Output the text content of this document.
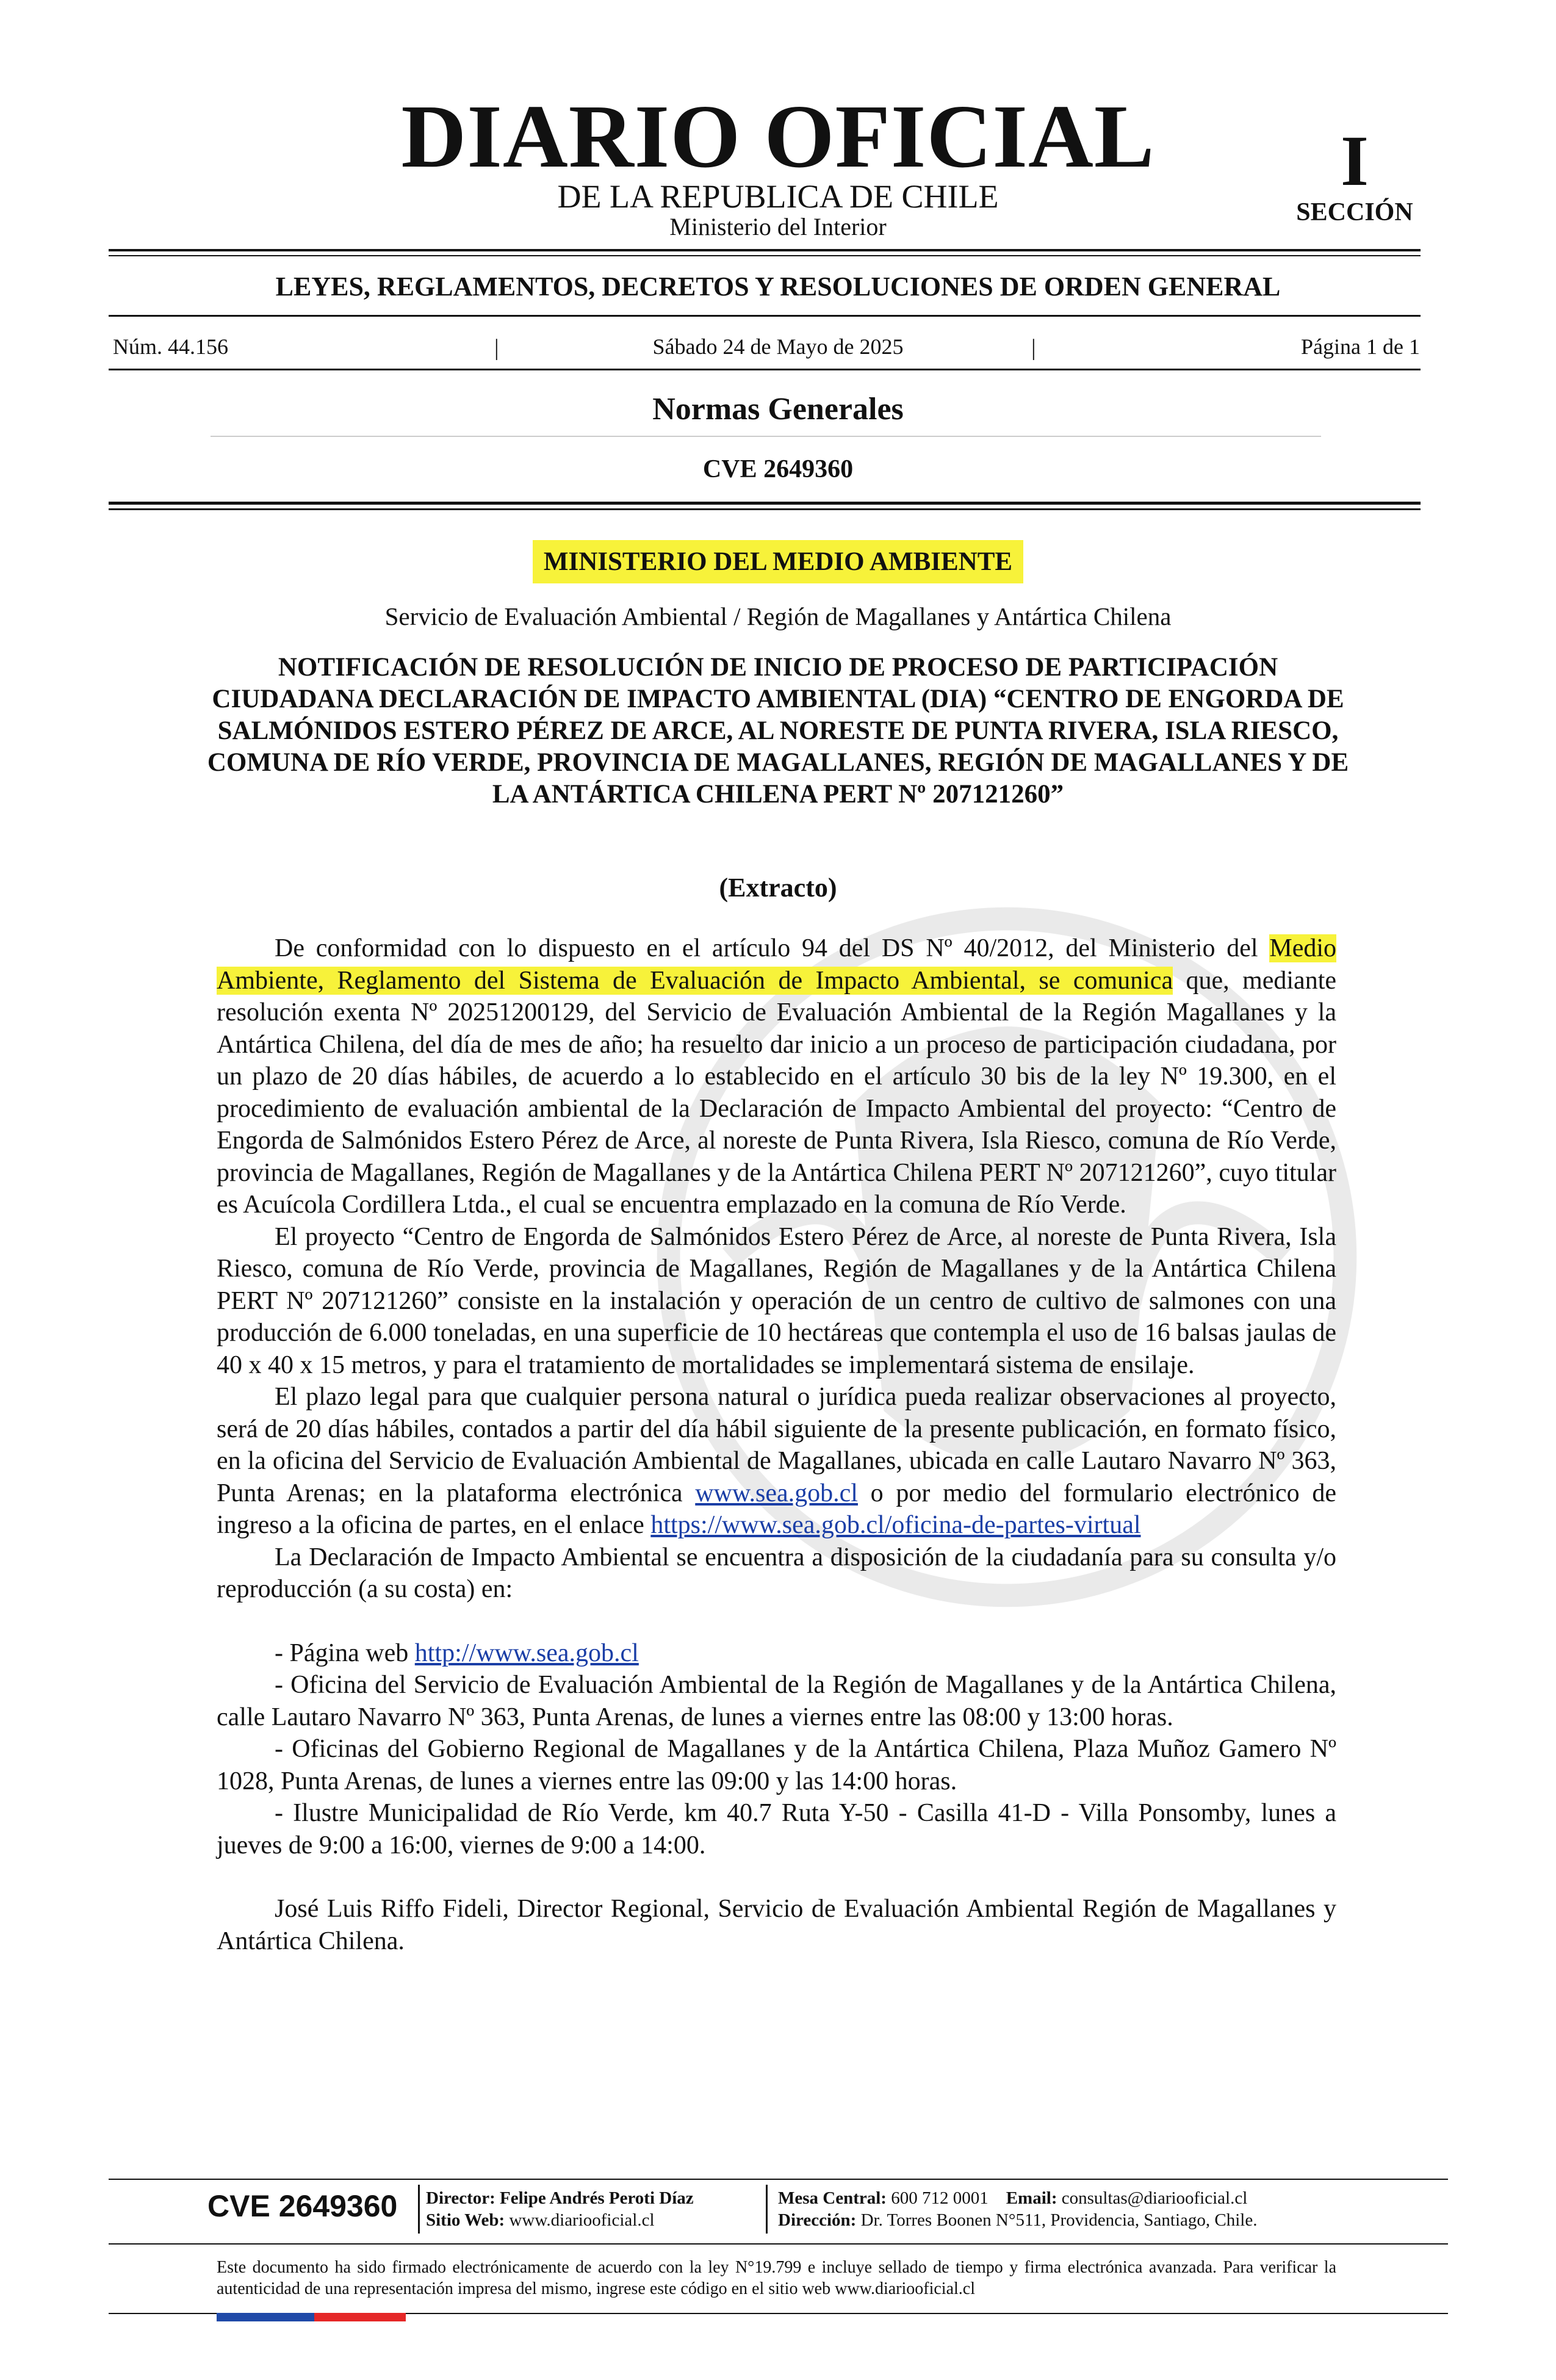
DIARIO OFICIAL
DE LA REPUBLICA DE CHILE
Ministerio del Interior
I
SECCIÓN
LEYES, REGLAMENTOS, DECRETOS Y RESOLUCIONES DE ORDEN GENERAL
Núm. 44.156	|	Sábado 24 de Mayo de 2025	|	Página 1 de 1
Normas Generales
CVE 2649360
MINISTERIO DEL MEDIO AMBIENTE
Servicio de Evaluación Ambiental / Región de Magallanes y Antártica Chilena
NOTIFICACIÓN DE RESOLUCIÓN DE INICIO DE PROCESO DE PARTICIPACIÓN CIUDADANA DECLARACIÓN DE IMPACTO AMBIENTAL (DIA) “CENTRO DE ENGORDA DE SALMÓNIDOS ESTERO PÉREZ DE ARCE, AL NORESTE DE PUNTA RIVERA, ISLA RIESCO, COMUNA DE RÍO VERDE, PROVINCIA DE MAGALLANES, REGIÓN DE MAGALLANES Y DE LA ANTÁRTICA CHILENA PERT Nº 207121260”
(Extracto)

De conformidad con lo dispuesto en el artículo 94 del DS Nº 40/2012, del Ministerio del Medio Ambiente, Reglamento del Sistema de Evaluación de Impacto Ambiental, se comunica que, mediante resolución exenta Nº 20251200129, del Servicio de Evaluación Ambiental de la Región Magallanes y la Antártica Chilena, del día de mes de año; ha resuelto dar inicio a un proceso de participación ciudadana, por un plazo de 20 días hábiles, de acuerdo a lo establecido en el artículo 30 bis de la ley Nº 19.300, en el procedimiento de evaluación ambiental de la Declaración de Impacto Ambiental del proyecto: “Centro de Engorda de Salmónidos Estero Pérez de Arce, al noreste de Punta Rivera, Isla Riesco, comuna de Río Verde, provincia de Magallanes, Región de Magallanes y de la Antártica Chilena PERT Nº 207121260”, cuyo titular es Acuícola Cordillera Ltda., el cual se encuentra emplazado en la comuna de Río Verde.

El proyecto “Centro de Engorda de Salmónidos Estero Pérez de Arce, al noreste de Punta Rivera, Isla Riesco, comuna de Río Verde, provincia de Magallanes, Región de Magallanes y de la Antártica Chilena PERT Nº 207121260” consiste en la instalación y operación de un centro de cultivo de salmones con una producción de 6.000 toneladas, en una superficie de 10 hectáreas que contempla el uso de 16 balsas jaulas de 40 x 40 x 15 metros, y para el tratamiento de mortalidades se implementará sistema de ensilaje.

El plazo legal para que cualquier persona natural o jurídica pueda realizar observaciones al proyecto, será de 20 días hábiles, contados a partir del día hábil siguiente de la presente publicación, en formato físico, en la oficina del Servicio de Evaluación Ambiental de Magallanes, ubicada en calle Lautaro Navarro Nº 363, Punta Arenas; en la plataforma electrónica www.sea.gob.cl o por medio del formulario electrónico de ingreso a la oficina de partes, en el enlace https://www.sea.gob.cl/oficina-de-partes-virtual

La Declaración de Impacto Ambiental se encuentra a disposición de la ciudadanía para su consulta y/o reproducción (a su costa) en:

- Página web http://www.sea.gob.cl

- Oficina del Servicio de Evaluación Ambiental de la Región de Magallanes y de la Antártica Chilena, calle Lautaro Navarro Nº 363, Punta Arenas, de lunes a viernes entre las 08:00 y 13:00 horas.

- Oficinas del Gobierno Regional de Magallanes y de la Antártica Chilena, Plaza Muñoz Gamero Nº 1028, Punta Arenas, de lunes a viernes entre las 09:00 y las 14:00 horas.

- Ilustre Municipalidad de Río Verde, km 40.7 Ruta Y-50 - Casilla 41-D - Villa Ponsomby, lunes a jueves de 9:00 a 16:00, viernes de 9:00 a 14:00.

José Luis Riffo Fideli, Director Regional, Servicio de Evaluación Ambiental Región de Magallanes y Antártica Chilena.

CVE 2649360 Director: Felipe Andrés Peroti Díaz
Sitio Web: www.diariooficial.cl
Mesa Central: 600 712 0001 Email: consultas@diariooficial.cl
Dirección: Dr. Torres Boonen N°511, Providencia, Santiago, Chile.
Este documento ha sido firmado electrónicamente de acuerdo con la ley N°19.799 e incluye sellado de tiempo y firma electrónica avanzada. Para verificar la autenticidad de una representación impresa del mismo, ingrese este código en el sitio web www.diariooficial.cl
